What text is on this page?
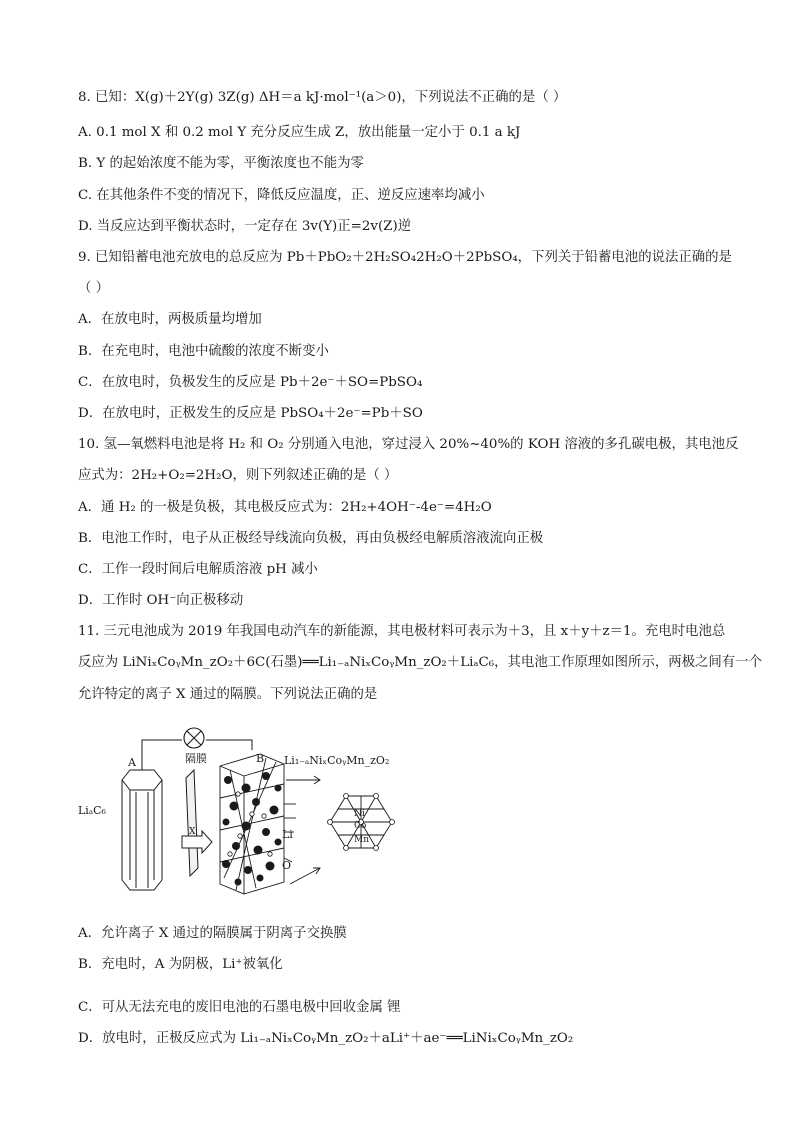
8. 已知：X(g)＋2Y(g) 3Z(g) ΔH＝a kJ·mol⁻¹(a＞0)，下列说法不正确的是（ ）
A. 0.1 mol X 和 0.2 mol Y 充分反应生成 Z，放出能量一定小于 0.1 a kJ
B. Y 的起始浓度不能为零，平衡浓度也不能为零
C. 在其他条件不变的情况下，降低反应温度，正、逆反应速率均减小
D. 当反应达到平衡状态时，一定存在 3v(Y)正=2v(Z)逆
9. 已知铅蓄电池充放电的总反应为 Pb＋PbO₂＋2H₂SO₄2H₂O＋2PbSO₄，下列关于铅蓄电池的说法正确的是
（ ）
A．在放电时，两极质量均增加
B．在充电时，电池中硫酸的浓度不断变小
C．在放电时，负极发生的反应是 Pb＋2e⁻＋SO=PbSO₄
D．在放电时，正极发生的反应是 PbSO₄＋2e⁻=Pb＋SO
10. 氢—氧燃料电池是将 H₂ 和 O₂ 分别通入电池，穿过浸入 20%~40%的 KOH 溶液的多孔碳电极，其电池反
应式为：2H₂+O₂=2H₂O，则下列叙述正确的是（ ）
A．通 H₂ 的一极是负极，其电极反应式为：2H₂+4OH⁻-4e⁻=4H₂O
B．电池工作时，电子从正极经导线流向负极，再由负极经电解质溶液流向正极
C．工作一段时间后电解质溶液 pH 减小
D．工作时 OH⁻向正极移动
11. 三元电池成为 2019 年我国电动汽车的新能源，其电极材料可表示为＋3，且 x＋y＋z＝1。充电时电池总
反应为 LiNiₓCoᵧMn_zO₂＋6C(石墨)══Li₁₋ₐNiₓCoᵧMn_zO₂＋LiₐC₆，其电池工作原理如图所示，两极之间有一个
允许特定的离子 X 通过的隔膜。下列说法正确的是
A	B
隔膜
LiₐC₆
Li₁₋ₐNiₓCoᵧMn_zO₂
X	Li
O
Ni
Co
Mn
A．允许离子 X 通过的隔膜属于阴离子交换膜
B．充电时，A 为阴极，Li⁺被氧化
C．可从无法充电的废旧电池的石墨电极中回收金属 锂
D．放电时，正极反应式为 Li₁₋ₐNiₓCoᵧMn_zO₂＋aLi⁺＋ae⁻══LiNiₓCoᵧMn_zO₂
